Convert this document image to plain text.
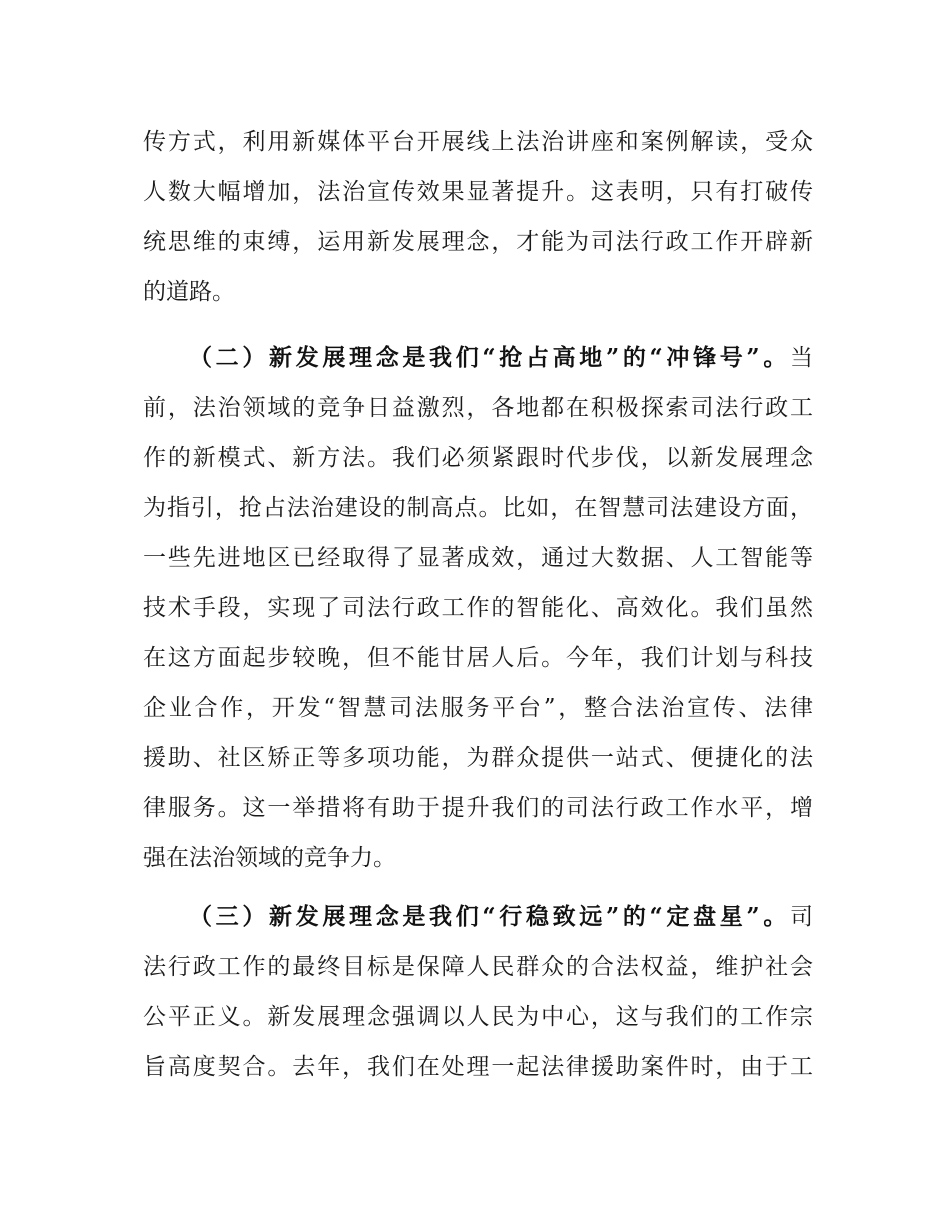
传方式，利用新媒体平台开展线上法治讲座和案例解读，受众
人数大幅增加，法治宣传效果显著提升。这表明，只有打破传
统思维的束缚，运用新发展理念，才能为司法行政工作开辟新
的道路。
（二）新发展理念是我们“抢占高地”的“冲锋号”。当
前，法治领域的竞争日益激烈，各地都在积极探索司法行政工
作的新模式、新方法。我们必须紧跟时代步伐，以新发展理念
为指引，抢占法治建设的制高点。比如，在智慧司法建设方面，
一些先进地区已经取得了显著成效，通过大数据、人工智能等
技术手段，实现了司法行政工作的智能化、高效化。我们虽然
在这方面起步较晚，但不能甘居人后。今年，我们计划与科技
企业合作，开发“智慧司法服务平台”，整合法治宣传、法律
援助、社区矫正等多项功能，为群众提供一站式、便捷化的法
律服务。这一举措将有助于提升我们的司法行政工作水平，增
强在法治领域的竞争力。
（三）新发展理念是我们“行稳致远”的“定盘星”。司
法行政工作的最终目标是保障人民群众的合法权益，维护社会
公平正义。新发展理念强调以人民为中心，这与我们的工作宗
旨高度契合。去年，我们在处理一起法律援助案件时，由于工
